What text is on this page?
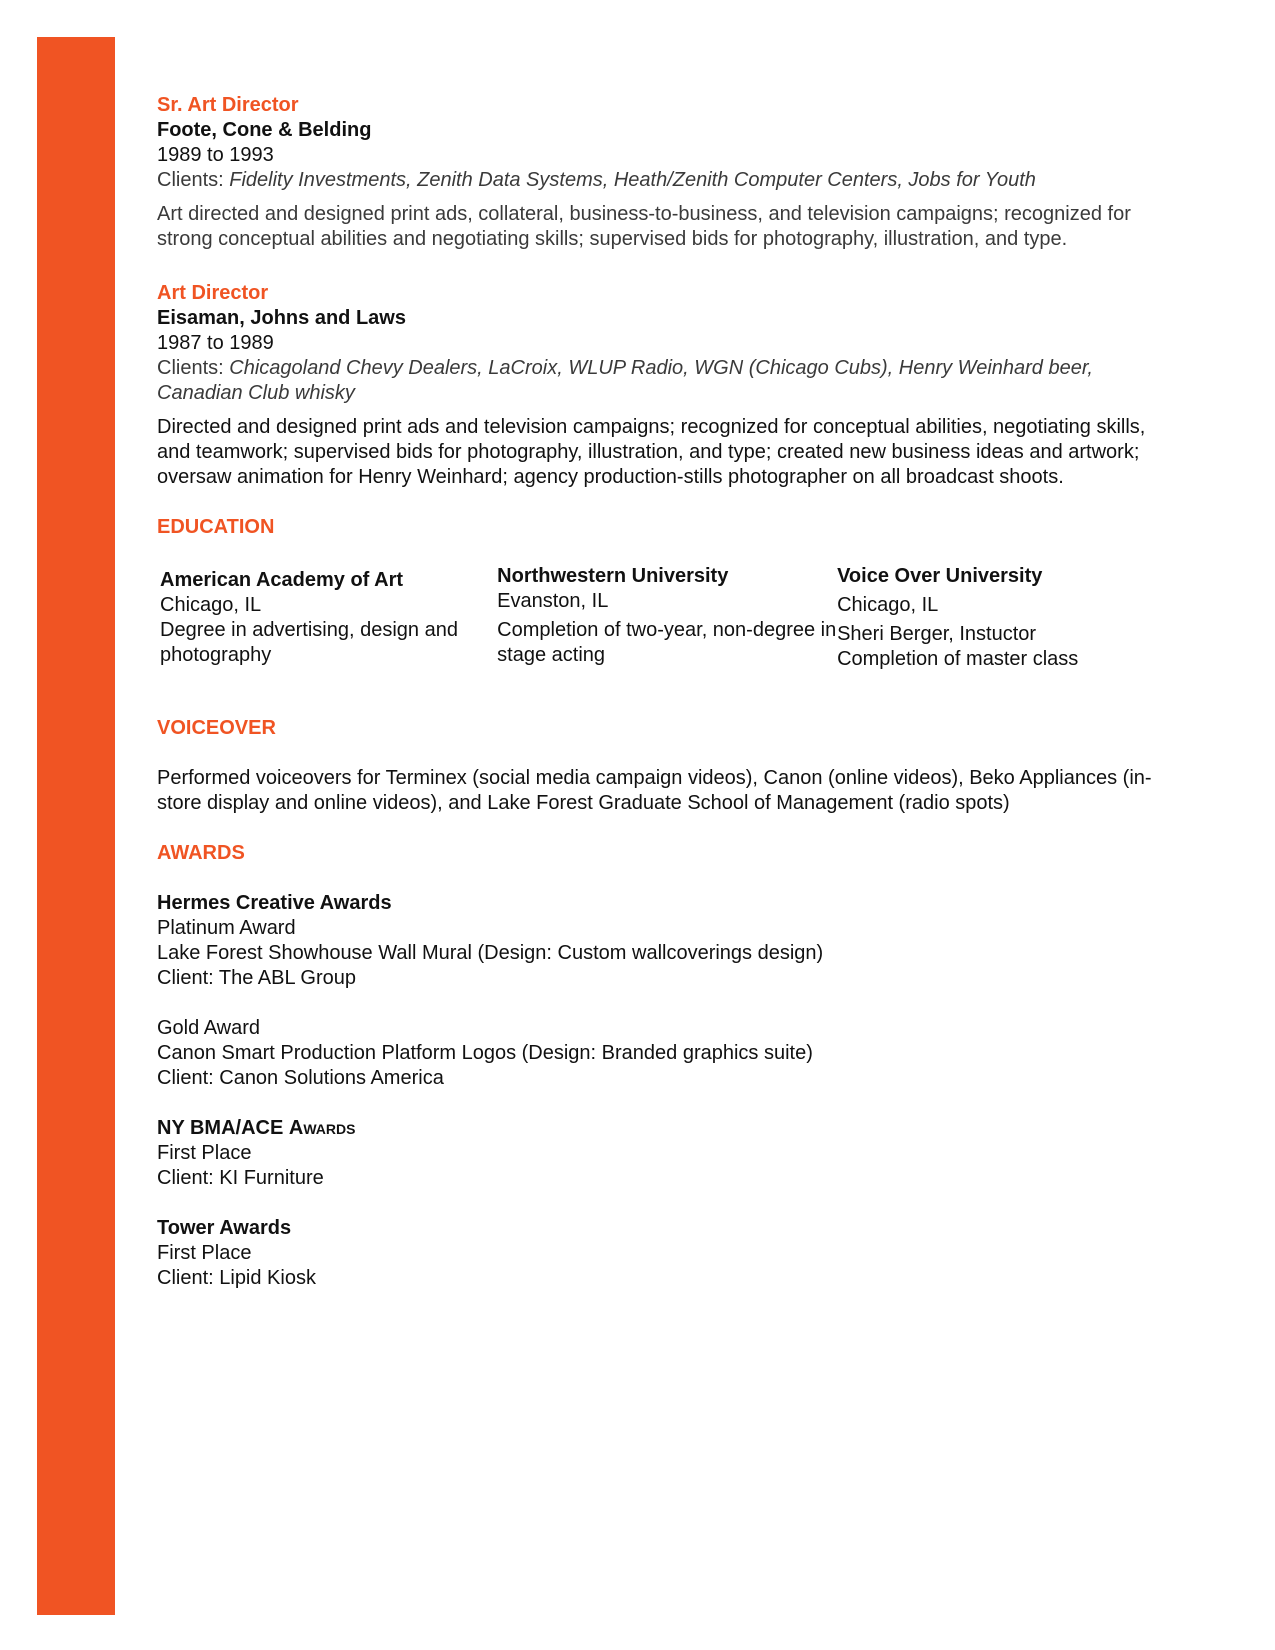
Sr. Art Director
Foote, Cone & Belding
1989 to 1993
Clients: Fidelity Investments, Zenith Data Systems, Heath/Zenith Computer Centers, Jobs for Youth
Art directed and designed print ads, collateral, business-to-business, and television campaigns; recognized for strong conceptual abilities and negotiating skills; supervised bids for photography, illustration, and type.
Art Director
Eisaman, Johns and Laws
1987 to 1989
Clients: Chicagoland Chevy Dealers, LaCroix, WLUP Radio, WGN (Chicago Cubs), Henry Weinhard beer, Canadian Club whisky
Directed and designed print ads and television campaigns; recognized for conceptual abilities, negotiating skills, and teamwork; supervised bids for photography, illustration, and type; created new business ideas and artwork; oversaw animation for Henry Weinhard; agency production-stills photographer on all broadcast shoots.
EDUCATION
American Academy of Art
Chicago, IL
Degree in advertising, design and photography
Northwestern University
Evanston, IL
Completion of two-year, non-degree in stage acting
Voice Over University
Chicago, IL
Sheri Berger, Instuctor
Completion of master class
VOICEOVER
Performed voiceovers for Terminex (social media campaign videos), Canon (online videos), Beko Appliances (in-store display and online videos), and Lake Forest Graduate School of Management (radio spots)
AWARDS
Hermes Creative Awards
Platinum Award
Lake Forest Showhouse Wall Mural (Design: Custom wallcoverings design)
Client: The ABL Group
Gold Award
Canon Smart Production Platform Logos (Design: Branded graphics suite)
Client: Canon Solutions America
NY BMA/ACE Awards
First Place
Client: KI Furniture
Tower Awards
First Place
Client: Lipid Kiosk
